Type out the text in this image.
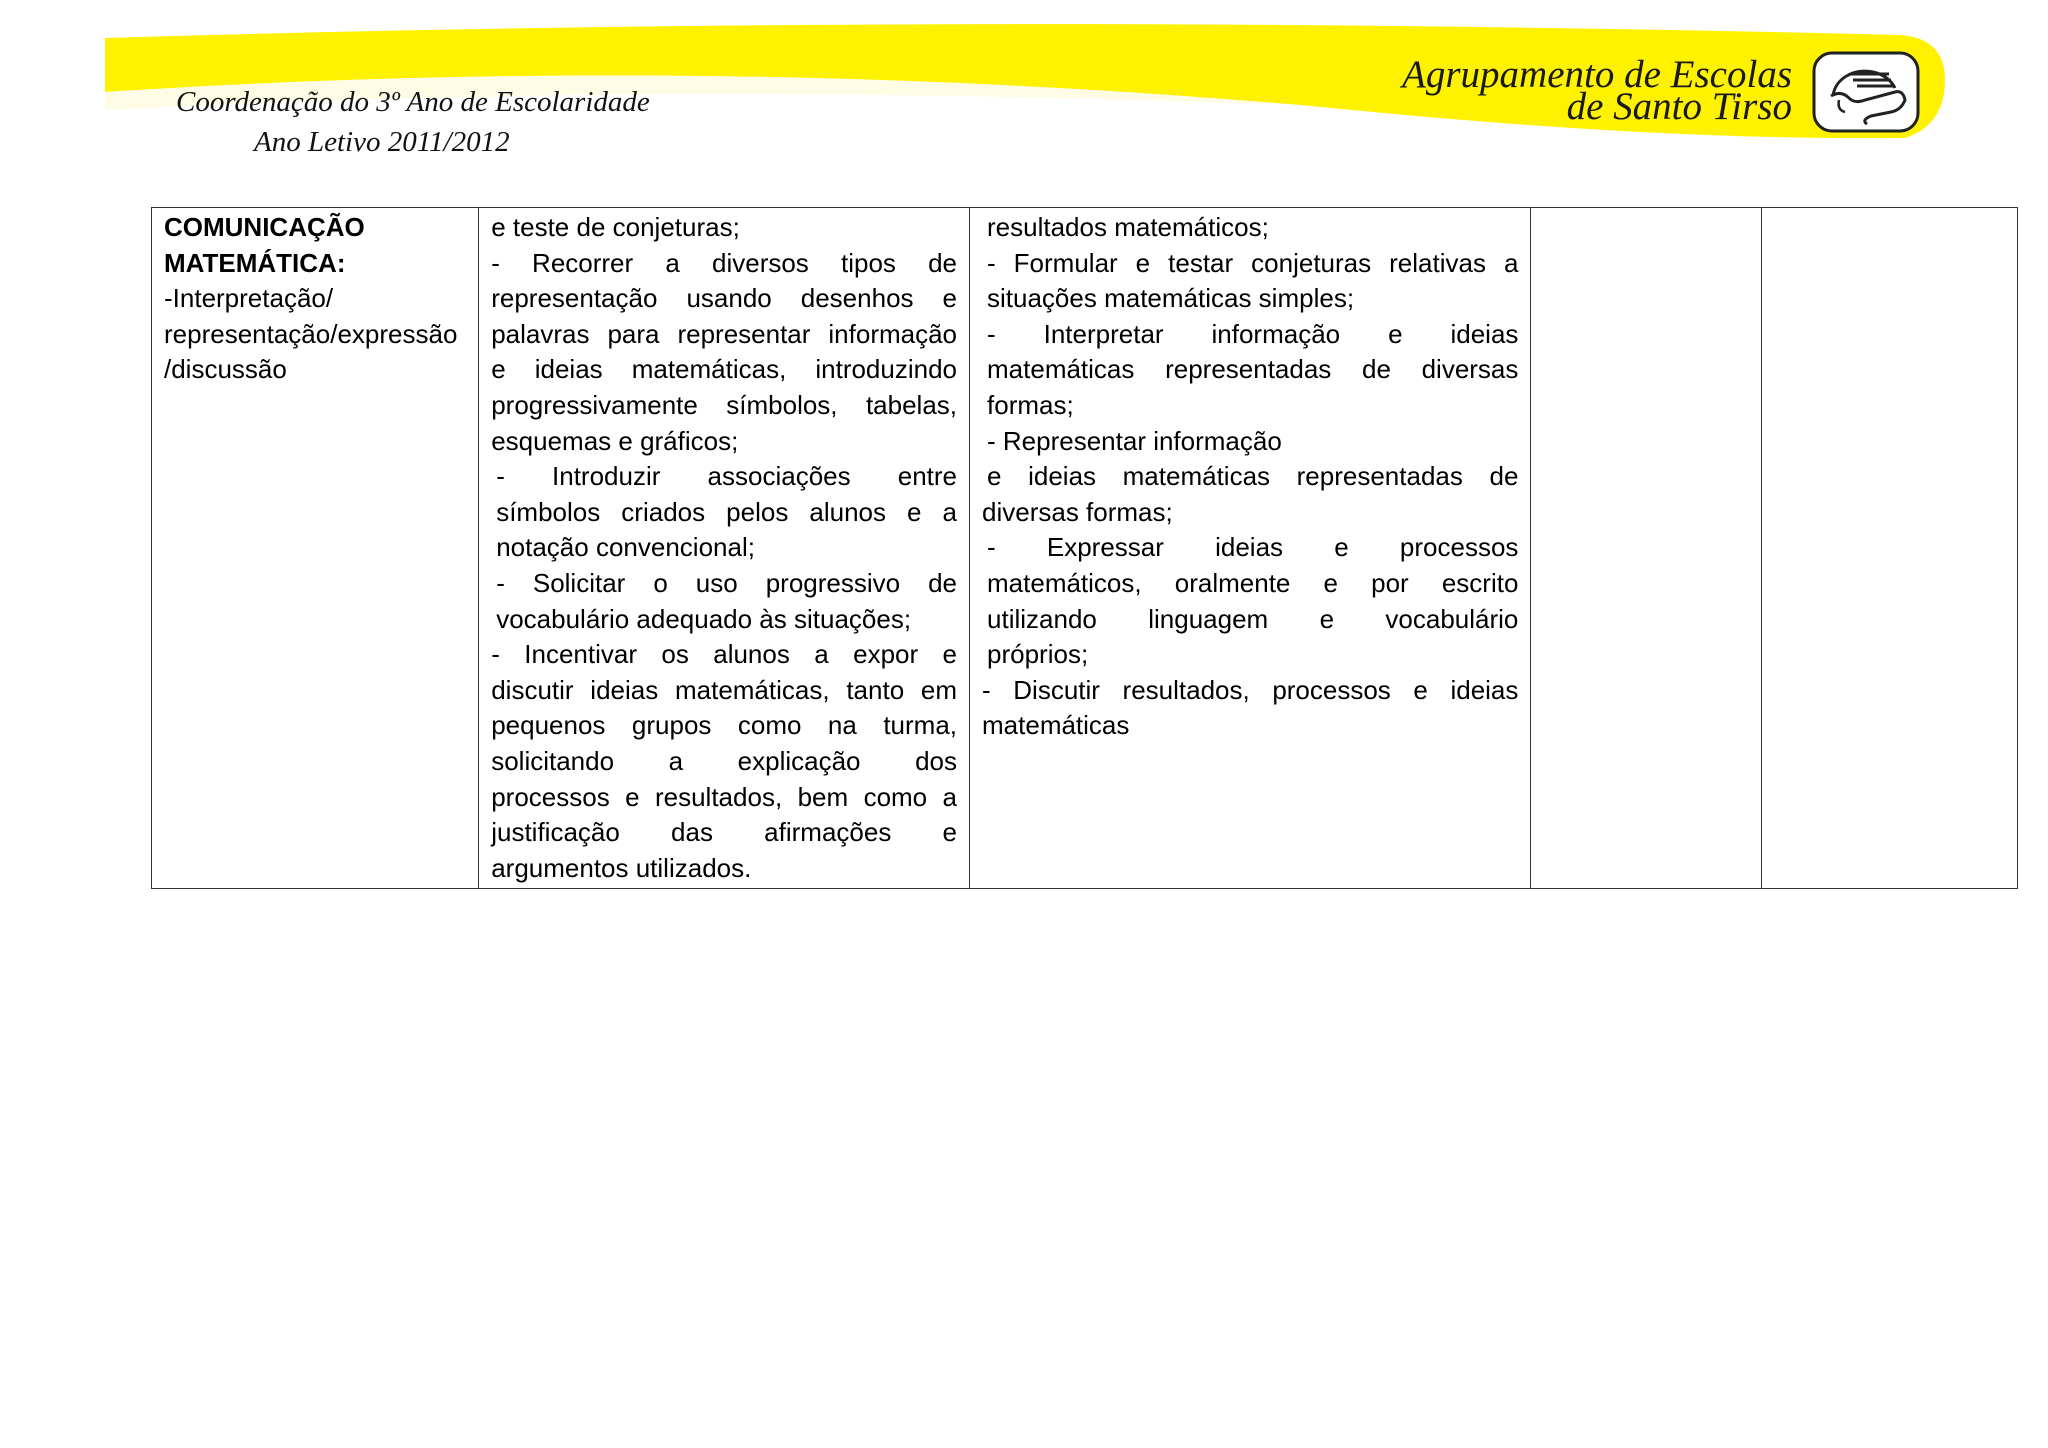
Coordenação do 3º Ano de Escolaridade

Ano Letivo 2011/2012

Agrupamento de Escolas

de Santo Tirso

COMUNICAÇÃO
MATEMÁTICA:
-Interpretação/
representação/expressão
/discussão

e teste de conjeturas;
- Recorrer a diversos tipos de
representação usando desenhos e
palavras para representar informação
e ideias matemáticas, introduzindo
progressivamente símbolos, tabelas,
esquemas e gráficos;
- Introduzir associações entre
símbolos criados pelos alunos e a
notação convencional;
- Solicitar o uso progressivo de
vocabulário adequado às situações;
- Incentivar os alunos a expor e
discutir ideias matemáticas, tanto em
pequenos grupos como na turma,
solicitando a explicação dos
processos e resultados, bem como a
justificação das afirmações e
argumentos utilizados.

resultados matemáticos;
- Formular e testar conjeturas relativas a
situações matemáticas simples;
- Interpretar informação e ideias
matemáticas representadas de diversas
formas;
- Representar informação
e ideias matemáticas representadas de
diversas formas;
- Expressar ideias e processos
matemáticos, oralmente e por escrito
utilizando linguagem e vocabulário
próprios;
- Discutir resultados, processos e ideias
matemáticas
